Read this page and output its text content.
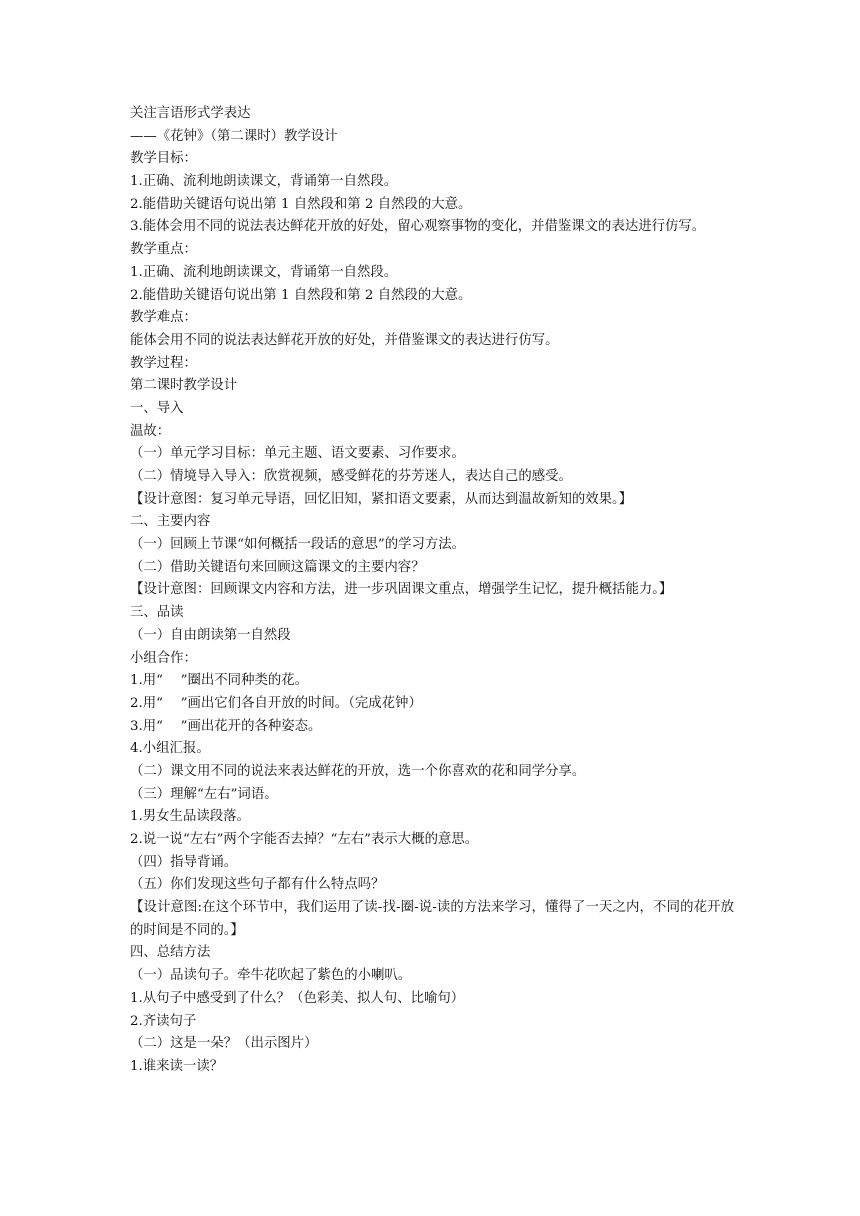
关注言语形式学表达
——《花钟》（第二课时）教学设计
教学目标：
1.正确、流利地朗读课文，背诵第一自然段。
2.能借助关键语句说出第 1 自然段和第 2 自然段的大意。
3.能体会用不同的说法表达鲜花开放的好处，留心观察事物的变化，并借鉴课文的表达进行仿写。
教学重点：
1.正确、流利地朗读课文，背诵第一自然段。
2.能借助关键语句说出第 1 自然段和第 2 自然段的大意。
教学难点：
能体会用不同的说法表达鲜花开放的好处，并借鉴课文的表达进行仿写。
教学过程：
第二课时教学设计
一、导入
温故：
（一）单元学习目标：单元主题、语文要素、习作要求。
（二）情境导入导入：欣赏视频，感受鲜花的芬芳迷人，表达自己的感受。
【设计意图：复习单元导语，回忆旧知，紧扣语文要素，从而达到温故新知的效果。】
二、主要内容
（一）回顾上节课“如何概括一段话的意思”的学习方法。
（二）借助关键语句来回顾这篇课文的主要内容？
【设计意图：回顾课文内容和方法，进一步巩固课文重点，增强学生记忆，提升概括能力。】
三、品读
（一）自由朗读第一自然段
小组合作：
1.用“　 ”圈出不同种类的花。
2.用“　 ”画出它们各自开放的时间。（完成花钟）
3.用“　 ”画出花开的各种姿态。
4.小组汇报。
（二）课文用不同的说法来表达鲜花的开放，选一个你喜欢的花和同学分享。
（三）理解“左右”词语。
1.男女生品读段落。
2.说一说“左右”两个字能否去掉？“左右”表示大概的意思。
（四）指导背诵。
（五）你们发现这些句子都有什么特点吗？
【设计意图:在这个环节中，我们运用了读-找-圈-说-读的方法来学习，懂得了一天之内，不同的花开放的时间是不同的。】
四、总结方法
（一）品读句子。牵牛花吹起了紫色的小喇叭。
1.从句子中感受到了什么？（色彩美、拟人句、比喻句）
2.齐读句子
（二）这是一朵？（出示图片）
1.谁来读一读？
